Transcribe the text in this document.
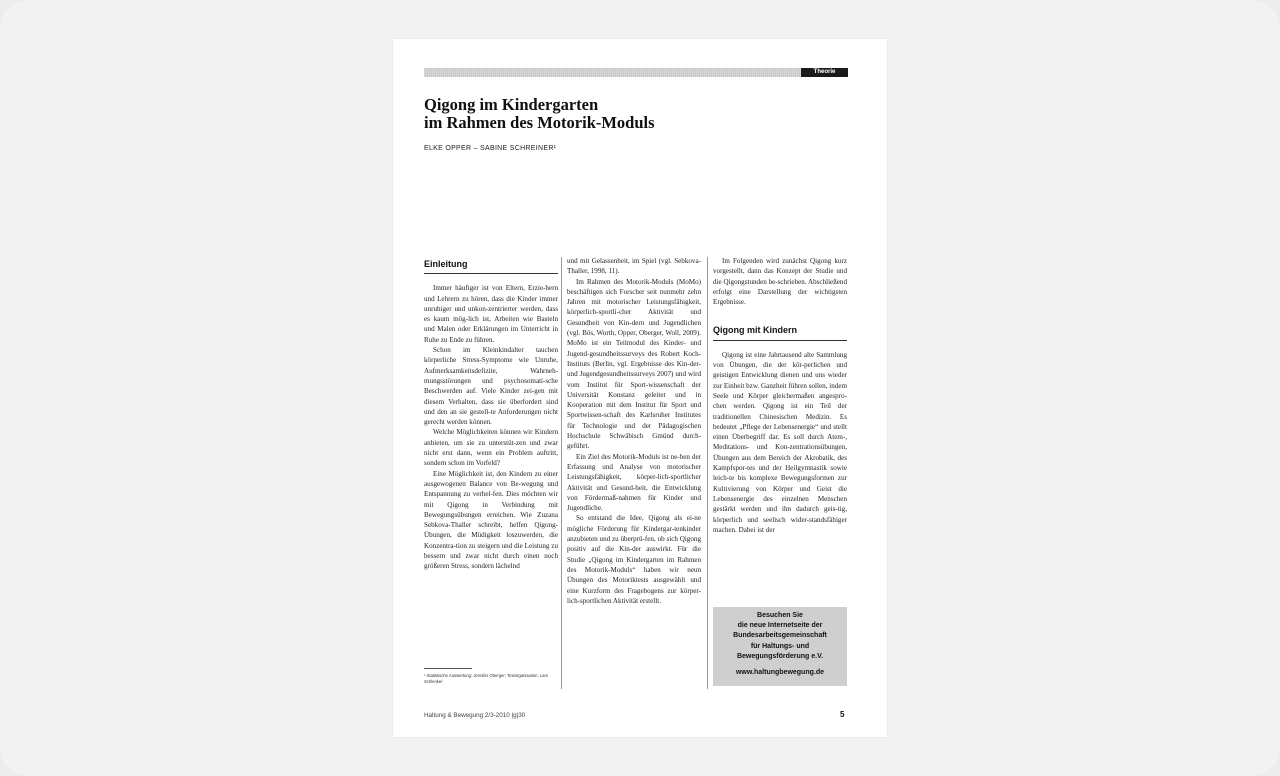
Theorie
Qigong im Kindergarten
im Rahmen des Motorik-Moduls
ELKE OPPER – SABINE SCHREINER¹
Einleitung

Immer häufiger ist von Eltern, Erzie-hern und Lehrern zu hören, dass die Kinder immer unruhiger und unkon-zentrierter werden, dass es kaum mög-lich ist, Arbeiten wie Basteln und Malen oder Erklärungen im Unterricht in Ruhe zu Ende zu führen.

Schon im Kleinkindalter tauchen körperliche Stress-Symptome wie Unruhe, Aufmerksamkeitsdefizite, Wahrneh-mungsstörungen und psychosomati-sche Beschwerden auf. Viele Kinder zei-gen mit diesem Verhalten, dass sie überfordert sind und den an sie gestell-te Anforderungen nicht gerecht werden können.

Welche Möglichkeiten können wir Kindern anbieten, um sie zu unterstüt-zen und zwar nicht erst dann, wenn ein Problem auftritt, sondern schon im Vorfeld?

Eine Möglichkeit ist, den Kindern zu einer ausgewogenen Balance von Be-wegung und Entspannung zu verhel-fen. Dies möchten wir mit Qigong in Verbindung mit Bewegungsübungen erreichen. Wie Zuzana Sebkova-Thaller schreibt, helfen Qigong-Übungen, die Müdigkeit loszuwerden, die Konzentra-tion zu steigern und die Leistung zu bessern und zwar nicht durch einen noch größeren Stress, sondern lächelnd

und mit Gelassenheit, im Spiel (vgl. Sebkova-Thaller, 1998, 11).

Im Rahmen des Motorik-Moduls (MoMo) beschäftigen sich Forscher seit nunmehr zehn Jahren mit motorischer Leistungsfähigkeit, körperlich-sportli-cher Aktivität und Gesundheit von Kin-dern und Jugendlichen (vgl. Bös, Worth, Opper, Oberger, Woll, 2009). MoMo ist ein Teilmodul des Kinder- und Jugend-gesundheitssurveys des Robert Koch-Instituts (Berlin, vgl. Ergebnisse des Kin-der- und Jugendgesundheitssurveys 2007) und wird vom Institut für Sport-wissenschaft der Universität Konstanz geleitet und in Kooperation mit dem Institut für Sport und Sportwissen-schaft des Karlsruher Institutes für Technologie und der Pädagogischen Hochschule Schwäbisch Gmünd durch-geführt.

Ein Ziel des Motorik-Moduls ist ne-ben der Erfassung und Analyse von motorischer Leistungsfähigkeit, körper-lich-sportlicher Aktivität und Gesund-heit, die Entwicklung von Fördermaß-nahmen für Kinder und Jugendliche.

So entstand die Idee, Qigong als ei-ne mögliche Förderung für Kindergar-tenkinder anzubieten und zu überprü-fen, ob sich Qigong positiv auf die Kin-der auswirkt. Für die Studie „Qigong im Kindergarten im Rahmen des Motorik-Moduls“ haben wir neun Übungen des Motoriktests ausgewählt und eine Kurzform des Fragebogens zur körper-lich-sportlichen Aktivität erstellt.

Im Folgenden wird zunächst Qigong kurz vorgestellt, dann das Konzept der Studie und die Qigongstunden be-schrieben. Abschließend erfolgt eine Darstellung der wichtigsten Ergebnisse.

Qigong mit Kindern

Qigong ist eine Jahrtausend alte Sammlung von Übungen, die der kör-perlichen und geistigen Entwicklung dienen und uns wieder zur Einheit bzw. Ganzheit führen sollen, indem Seele und Körper gleichermaßen angespro-chen werden. Qigong ist ein Teil der traditionellen Chinesischen Medizin. Es bedeutet „Pflege der Lebensenergie“ und stellt einen Überbegriff dar. Es soll durch Atem-, Meditations- und Kon-zentrationsübungen, Übungen aus dem Bereich der Akrobatik, des Kampfspor-tes und der Heilgymnastik sowie leich-te bis komplexe Bewegungsformen zur Kultivierung von Körper und Geist die Lebensenergie des einzelnen Menschen gestärkt werden und ihn dadurch geis-tig, körperlich und seelisch wider-standsfähiger machen. Dabei ist der

Besuchen Sie
die neue Internetseite der
Bundesarbeitsgemeinschaft
für Haltungs- und
Bewegungsförderung e.V.
www.haltungbewegung.de
¹ Statistische Auswertung: Jennifer Oberger; Textorganisation: Lars Schlenker
Haltung & Bewegung 2/3-2010 |g|30	5
